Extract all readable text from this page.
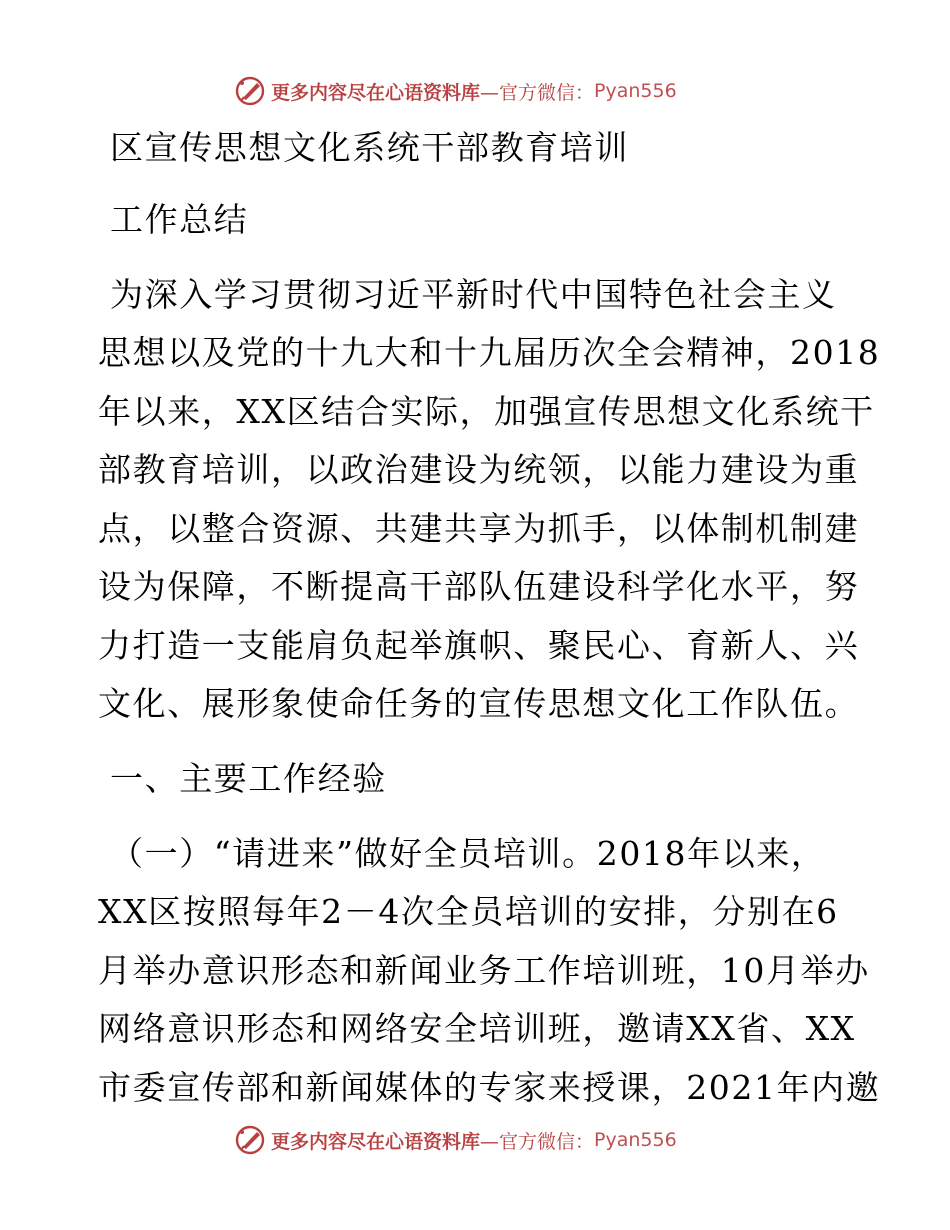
更多内容尽在心语资料库 —官方微信： Pyan556
区宣传思想文化系统干部教育培训
工作总结
为深入学习贯彻习近平新时代中国特色社会主义
思想以及党的十九大和十九届历次全会精神，2018
年以来，XX区结合实际，加强宣传思想文化系统干
部教育培训，以政治建设为统领，以能力建设为重
点，以整合资源、共建共享为抓手，以体制机制建
设为保障，不断提高干部队伍建设科学化水平，努
力打造一支能肩负起举旗帜、聚民心、育新人、兴
文化、展形象使命任务的宣传思想文化工作队伍。
一、主要工作经验
（一）“请进来”做好全员培训。2018年以来，
XX区按照每年2－4次全员培训的安排，分别在6
月举办意识形态和新闻业务工作培训班，10月举办
网络意识形态和网络安全培训班，邀请XX省、XX
市委宣传部和新闻媒体的专家来授课，2021年内邀
更多内容尽在心语资料库 —官方微信： Pyan556
